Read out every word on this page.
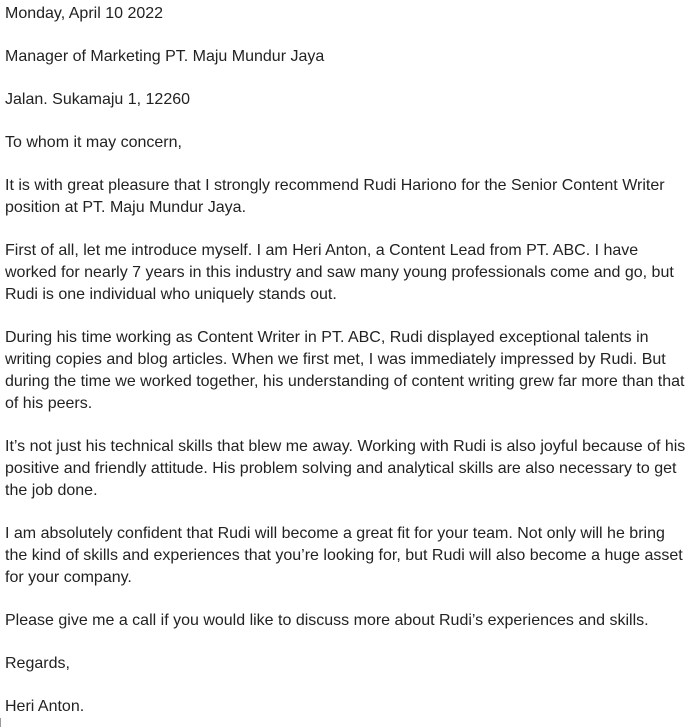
Monday, April 10 2022

Manager of Marketing PT. Maju Mundur Jaya

Jalan. Sukamaju 1, 12260

To whom it may concern,

It is with great pleasure that I strongly recommend Rudi Hariono for the Senior Content Writer position at PT. Maju Mundur Jaya.

First of all, let me introduce myself. I am Heri Anton, a Content Lead from PT. ABC. I have worked for nearly 7 years in this industry and saw many young professionals come and go, but Rudi is one individual who uniquely stands out.

During his time working as Content Writer in PT. ABC, Rudi displayed exceptional talents in writing copies and blog articles. When we first met, I was immediately impressed by Rudi. But during the time we worked together, his understanding of content writing grew far more than that of his peers.

It’s not just his technical skills that blew me away. Working with Rudi is also joyful because of his positive and friendly attitude. His problem solving and analytical skills are also necessary to get the job done.

I am absolutely confident that Rudi will become a great fit for your team. Not only will he bring the kind of skills and experiences that you’re looking for, but Rudi will also become a huge asset for your company.

Please give me a call if you would like to discuss more about Rudi’s experiences and skills.

Regards,

Heri Anton.
